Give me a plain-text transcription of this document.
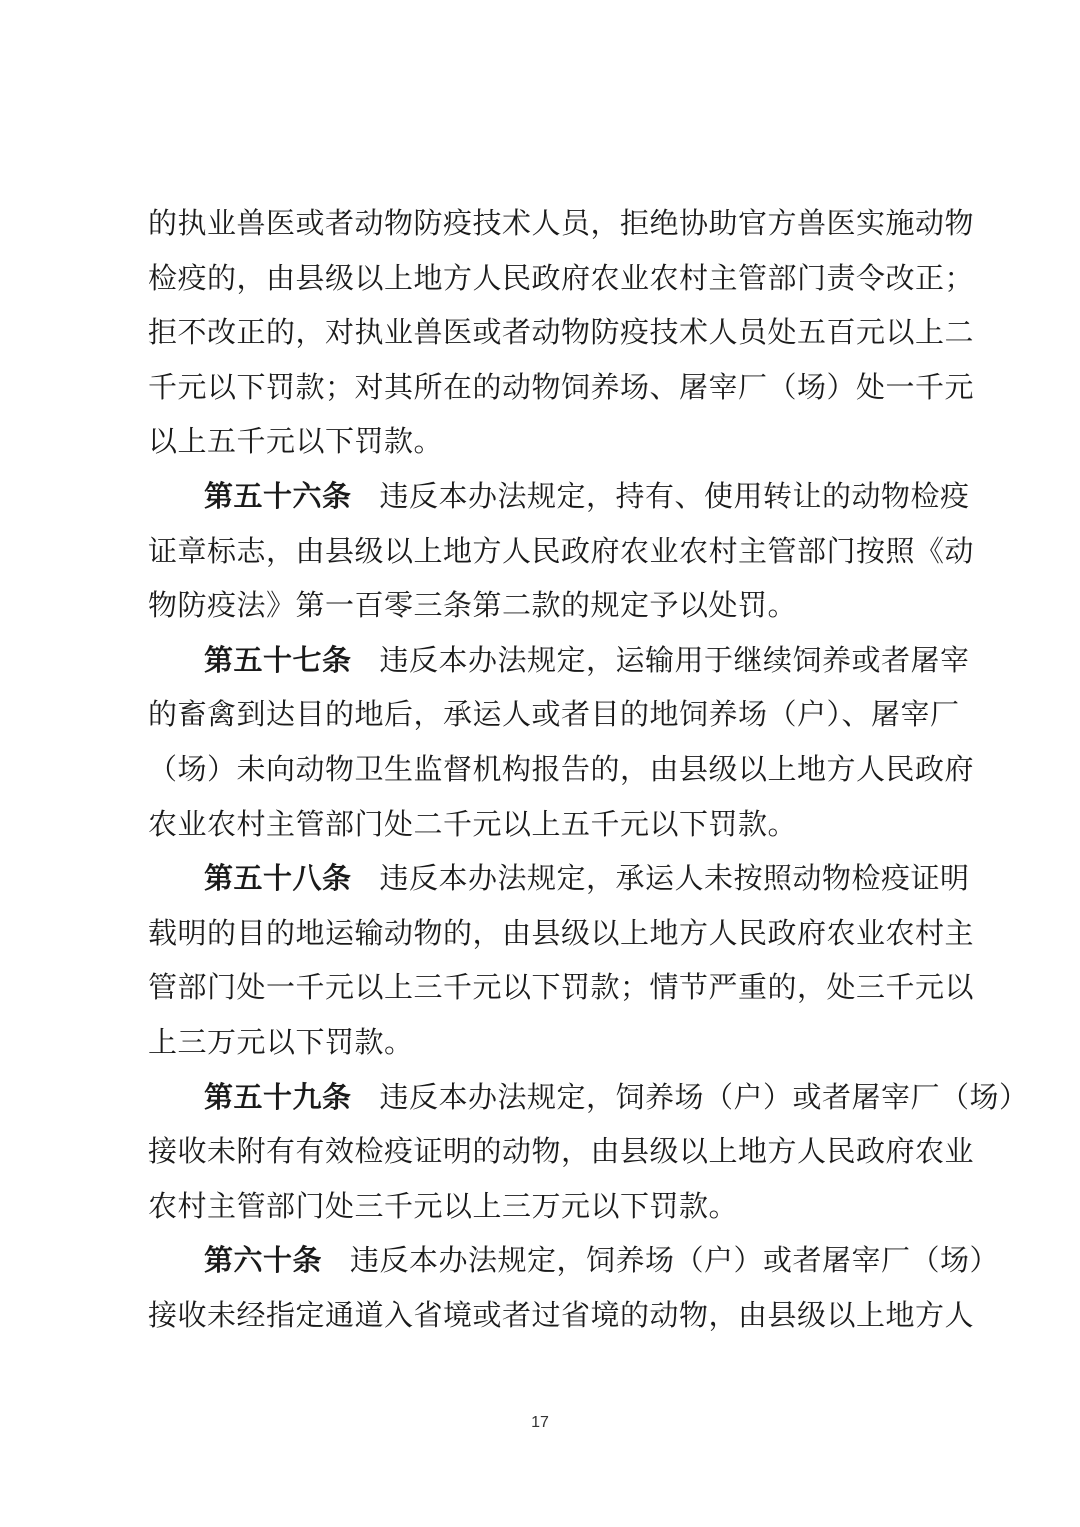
的执业兽医或者动物防疫技术人员，拒绝协助官方兽医实施动物
检疫的，由县级以上地方人民政府农业农村主管部门责令改正；
拒不改正的，对执业兽医或者动物防疫技术人员处五百元以上二
千元以下罚款；对其所在的动物饲养场、屠宰厂（场）处一千元
以上五千元以下罚款。
第五十六条 违反本办法规定，持有、使用转让的动物检疫
证章标志，由县级以上地方人民政府农业农村主管部门按照《动
物防疫法》第一百零三条第二款的规定予以处罚。
第五十七条 违反本办法规定，运输用于继续饲养或者屠宰
的畜禽到达目的地后，承运人或者目的地饲养场（户）、屠宰厂
（场）未向动物卫生监督机构报告的，由县级以上地方人民政府
农业农村主管部门处二千元以上五千元以下罚款。
第五十八条 违反本办法规定，承运人未按照动物检疫证明
载明的目的地运输动物的，由县级以上地方人民政府农业农村主
管部门处一千元以上三千元以下罚款；情节严重的，处三千元以
上三万元以下罚款。
第五十九条 违反本办法规定，饲养场（户）或者屠宰厂（场）
接收未附有有效检疫证明的动物，由县级以上地方人民政府农业
农村主管部门处三千元以上三万元以下罚款。
第六十条 违反本办法规定，饲养场（户）或者屠宰厂（场）
接收未经指定通道入省境或者过省境的动物，由县级以上地方人
17
